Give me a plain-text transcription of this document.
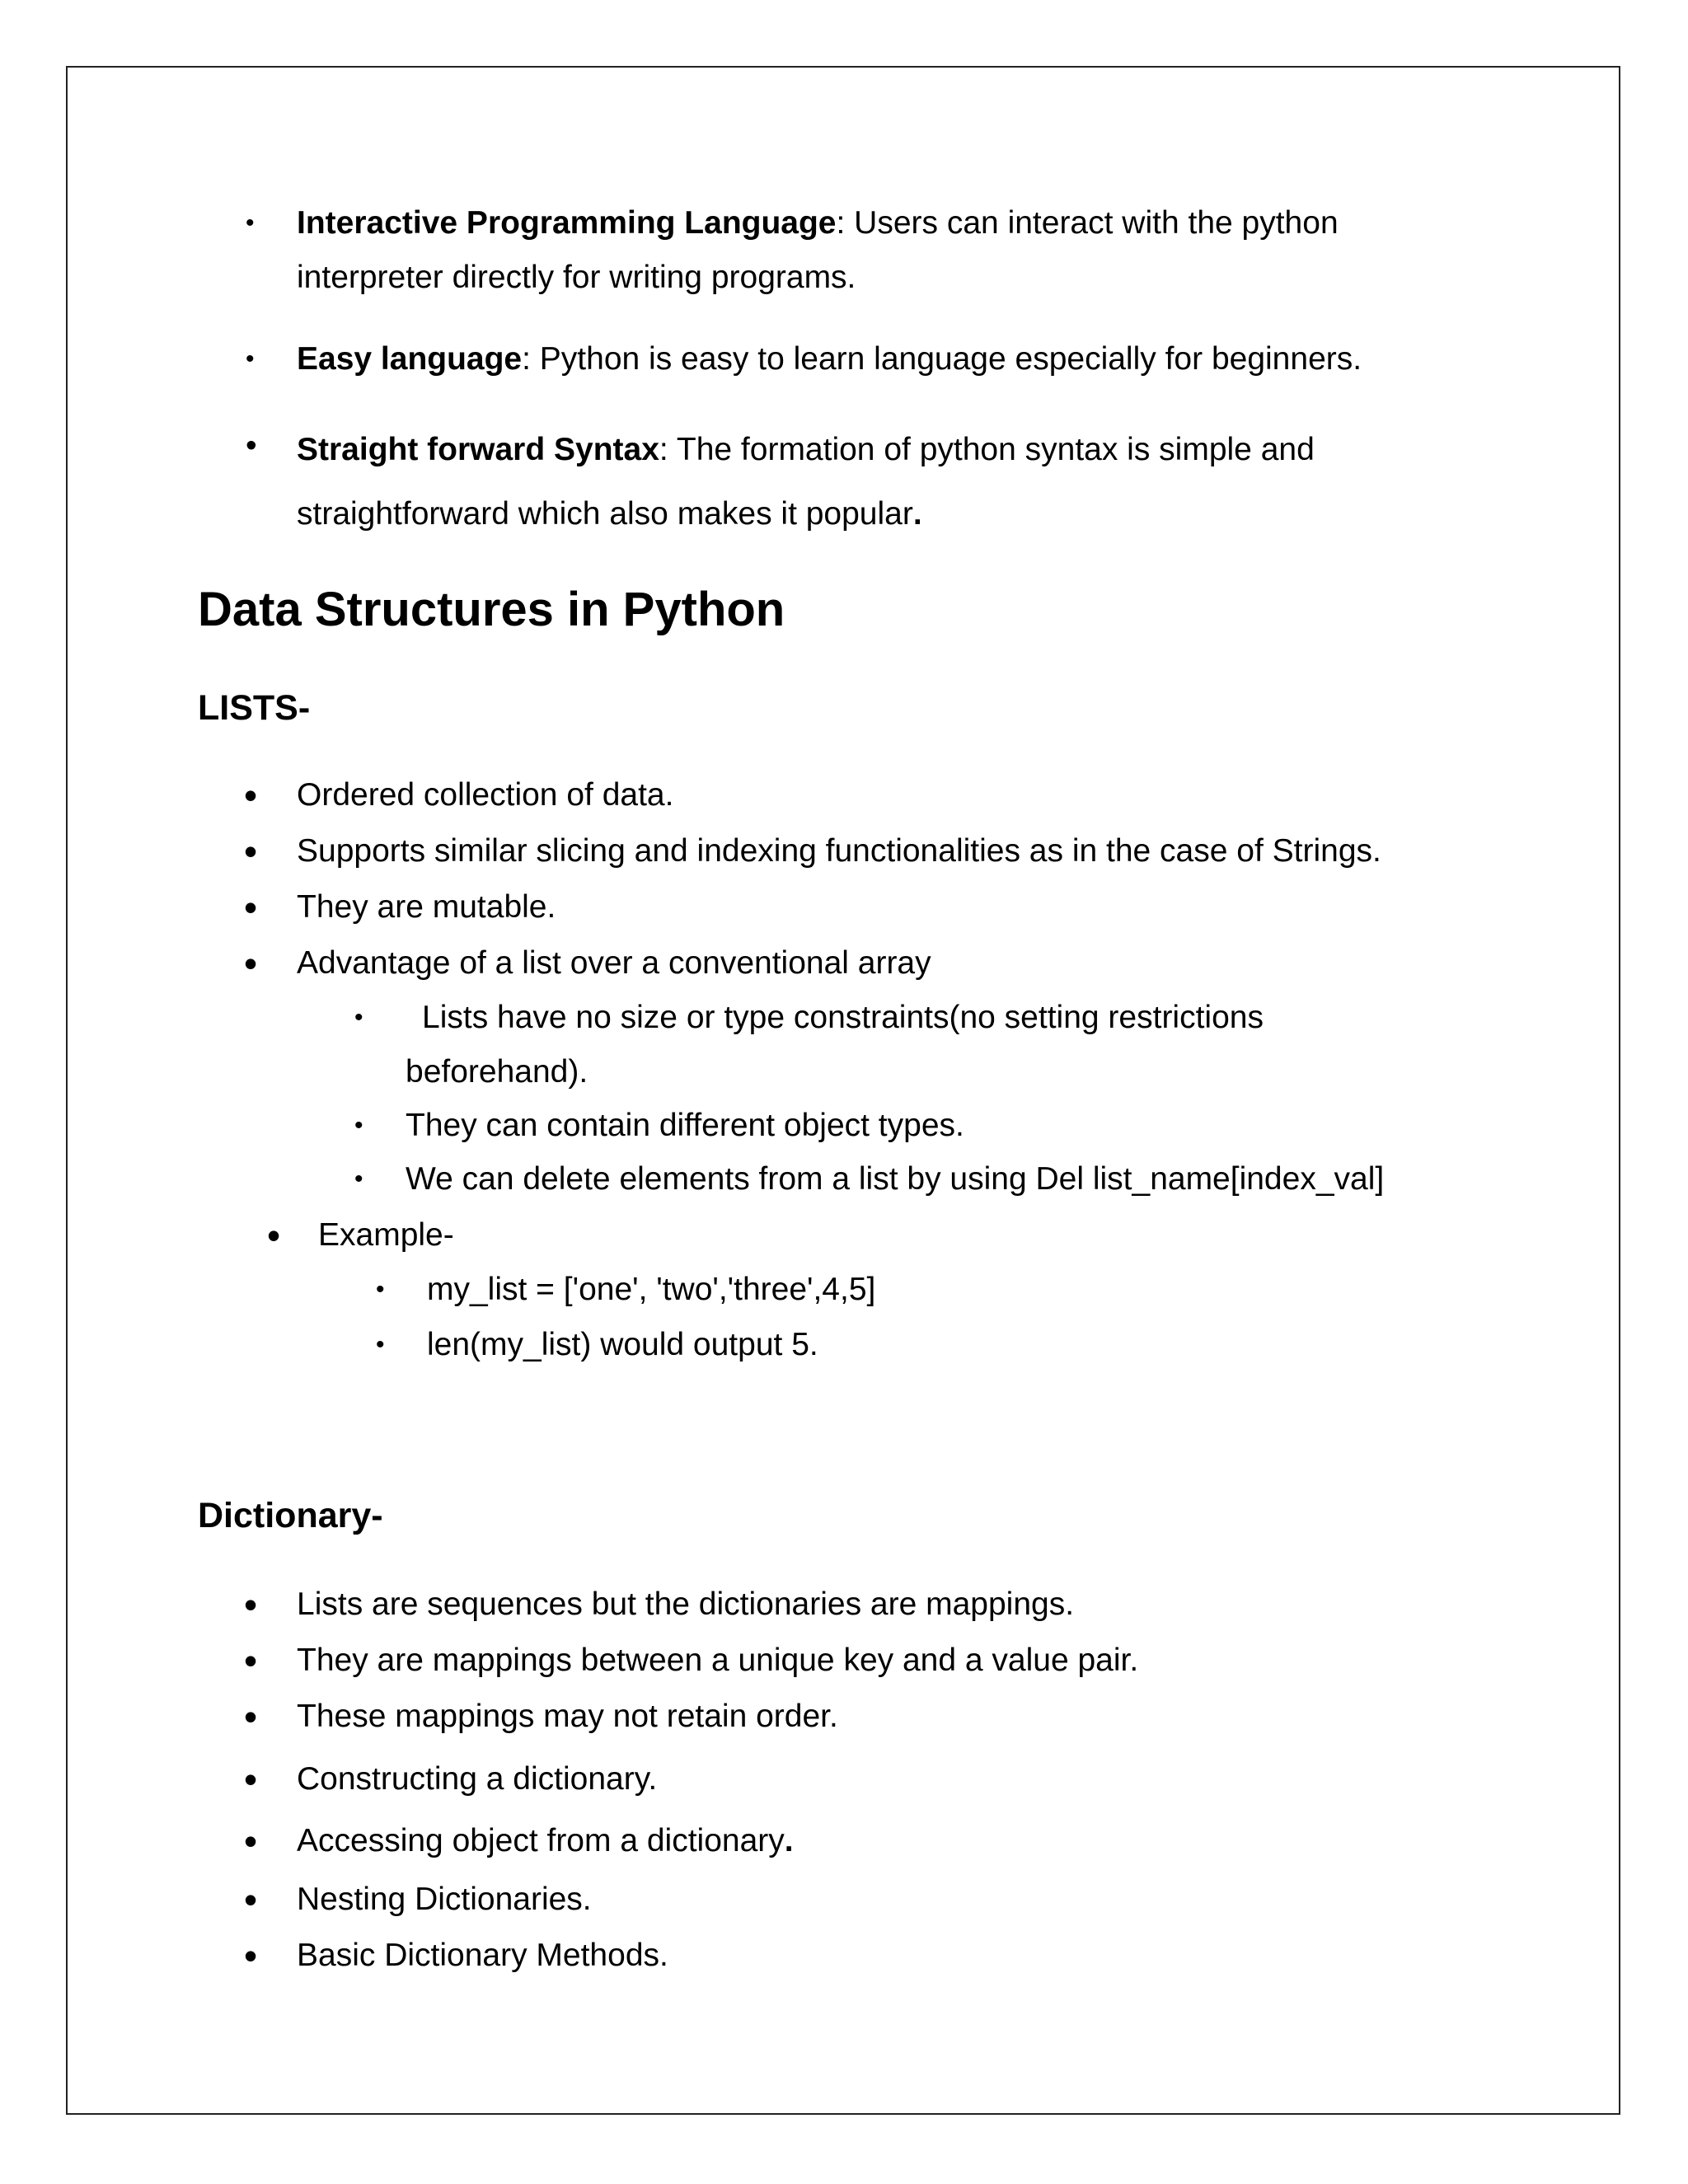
• Interactive Programming Language: Users can interact with the python
interpreter directly for writing programs.
• Easy language: Python is easy to learn language especially for beginners.
• Straight forward Syntax: The formation of python syntax is simple and
straightforward which also makes it popular.
Data Structures in Python
LISTS-
• Ordered collection of data.
• Supports similar slicing and indexing functionalities as in the case of Strings.
• They are mutable.
• Advantage of a list over a conventional array
• Lists have no size or type constraints(no setting restrictions
beforehand).
• They can contain different object types.
• We can delete elements from a list by using Del list_name[index_val]
• Example-
• my_list = ['one', 'two','three',4,5]
• len(my_list) would output 5.
Dictionary-
• Lists are sequences but the dictionaries are mappings.
• They are mappings between a unique key and a value pair.
• These mappings may not retain order.
• Constructing a dictionary.
• Accessing object from a dictionary.
• Nesting Dictionaries.
• Basic Dictionary Methods.
